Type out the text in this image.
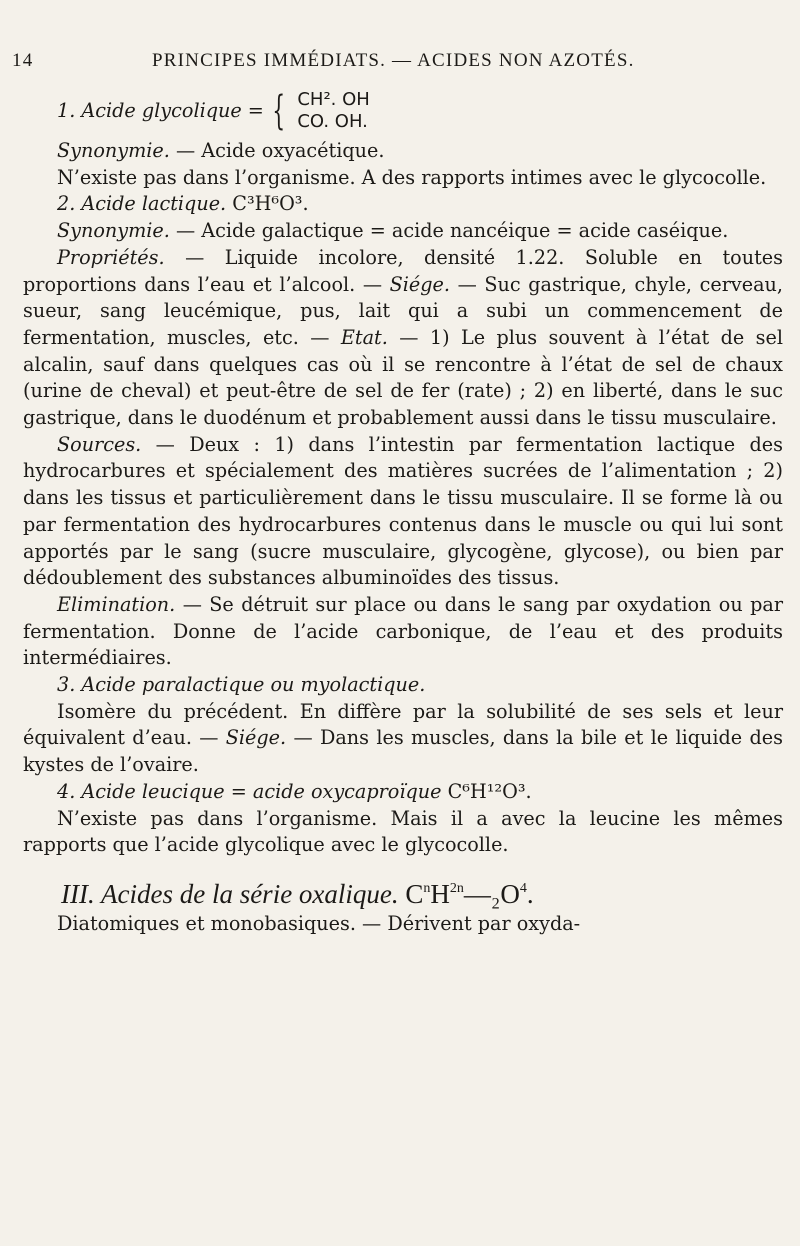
14	PRINCIPES IMMÉDIATS. — ACIDES NON AZOTÉS.
1. Acide glycolique = { CH². OH
CO. OH.

Synonymie. — Acide oxyacétique.

N’existe pas dans l’organisme. A des rapports intimes avec le glycocolle.

2. Acide lactique. C³H⁶O³.

Synonymie. — Acide galactique = acide nancéique = acide caséique.

Propriétés. — Liquide incolore, densité 1.22. Soluble en toutes proportions dans l’eau et l’alcool. — Siége. — Suc gastrique, chyle, cerveau, sueur, sang leucémique, pus, lait qui a subi un commencement de fermentation, muscles, etc. — Etat. — 1) Le plus souvent à l’état de sel alcalin, sauf dans quelques cas où il se rencontre à l’état de sel de chaux (urine de cheval) et peut-être de sel de fer (rate) ; 2) en liberté, dans le suc gastrique, dans le duodénum et probablement aussi dans le tissu musculaire.

Sources. — Deux : 1) dans l’intestin par fermentation lactique des hydrocarbures et spécialement des matières sucrées de l’alimentation ; 2) dans les tissus et particulièrement dans le tissu musculaire. Il se forme là ou par fermentation des hydrocarbures contenus dans le muscle ou qui lui sont apportés par le sang (sucre musculaire, glycogène, glycose), ou bien par dédoublement des substances albuminoïdes des tissus.

Elimination. — Se détruit sur place ou dans le sang par oxydation ou par fermentation. Donne de l’acide carbonique, de l’eau et des produits intermédiaires.

3. Acide paralactique ou myolactique.

Isomère du précédent. En diffère par la solubilité de ses sels et leur équivalent d’eau. — Siége. — Dans les muscles, dans la bile et le liquide des kystes de l’ovaire.

4. Acide leucique = acide oxycaproïque C⁶H¹²O³.

N’existe pas dans l’organisme. Mais il a avec la leucine les mêmes rapports que l’acide glycolique avec le glycocolle.

III. Acides de la série oxalique. $C^nH^{2n}—_2O^4$.

Diatomiques et monobasiques. — Dérivent par oxyda-
